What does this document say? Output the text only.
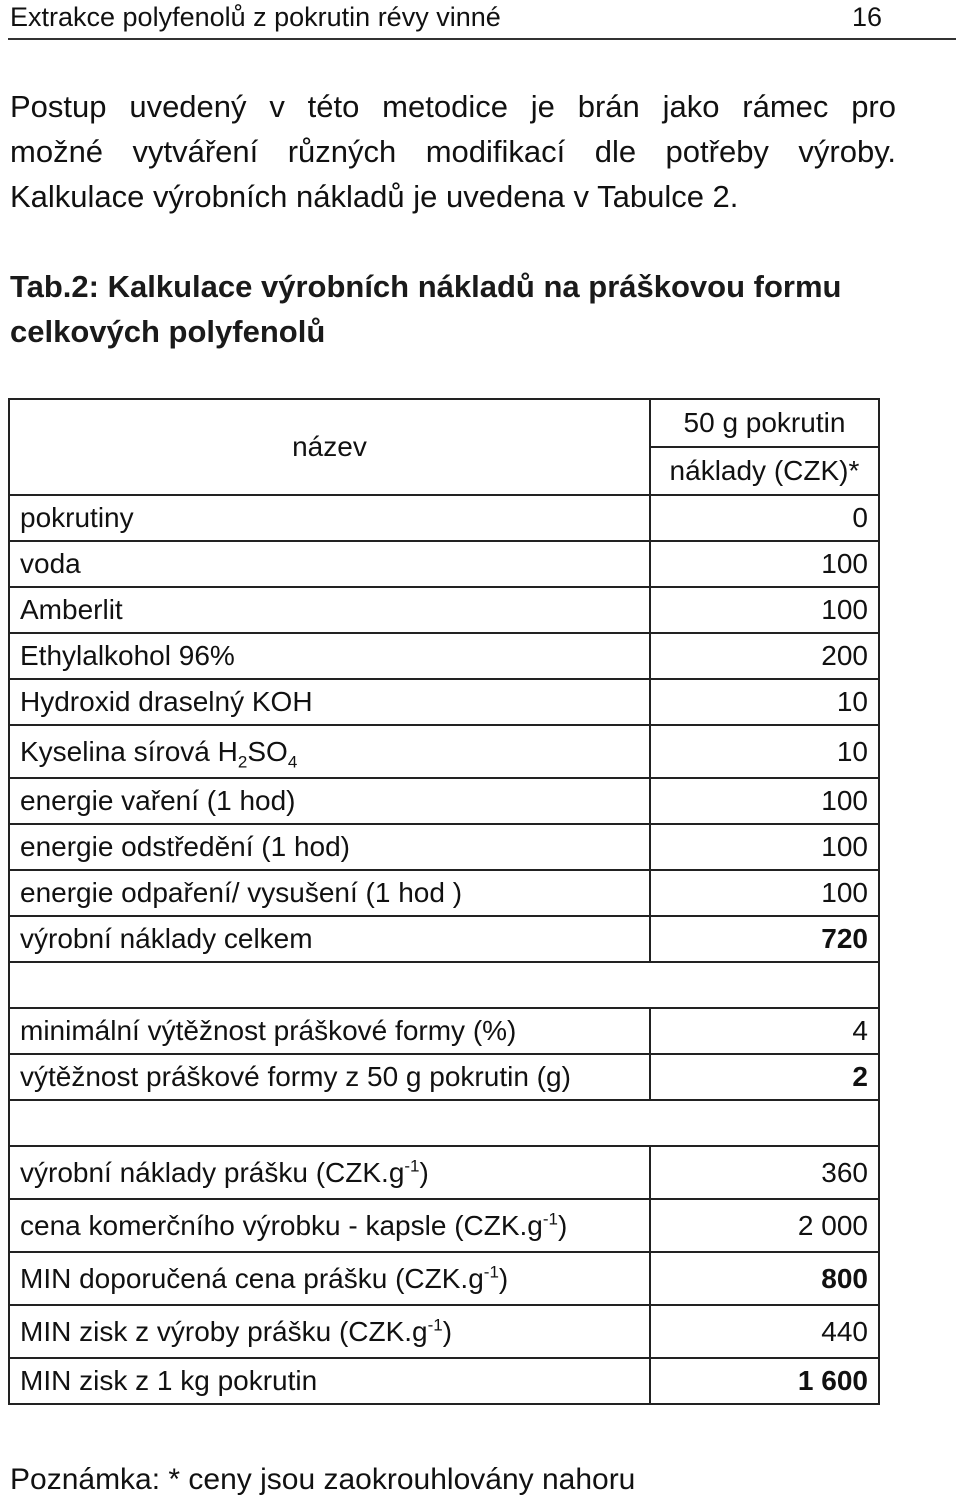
Extrakce polyfenolů z pokrutin révy vinné	16
Postup uvedený v této metodice je brán jako rámec pro
možné vytváření různých modifikací dle potřeby výroby.
Kalkulace výrobních nákladů je uvedena v Tabulce 2.
Tab.2: Kalkulace výrobních nákladů na práškovou formu
celkových polyfenolů
název	50 g pokrutin
	náklady (CZK)*
pokrutiny	0
voda	100
Amberlit	100
Ethylalkohol 96%	200
Hydroxid draselný KOH	10
Kyselina sírová $H_2SO_4$	10
energie vaření (1 hod)	100
energie odstředění (1 hod)	100
energie odpaření/ vysušení (1 hod )	100
výrobní náklady celkem	720

minimální výtěžnost práškové formy (%)	4
výtěžnost práškové formy z 50 g pokrutin (g)	2

výrobní náklady prášku $(CZK.g^{-1})$	360
cena komerčního výrobku - kapsle $(CZK.g^{-1})$	2 000
MIN doporučená cena prášku $(CZK.g^{-1})$	800
MIN zisk z výroby prášku $(CZK.g^{-1})$	440
MIN zisk z 1 kg pokrutin	1 600
Poznámka: * ceny jsou zaokrouhlovány nahoru
